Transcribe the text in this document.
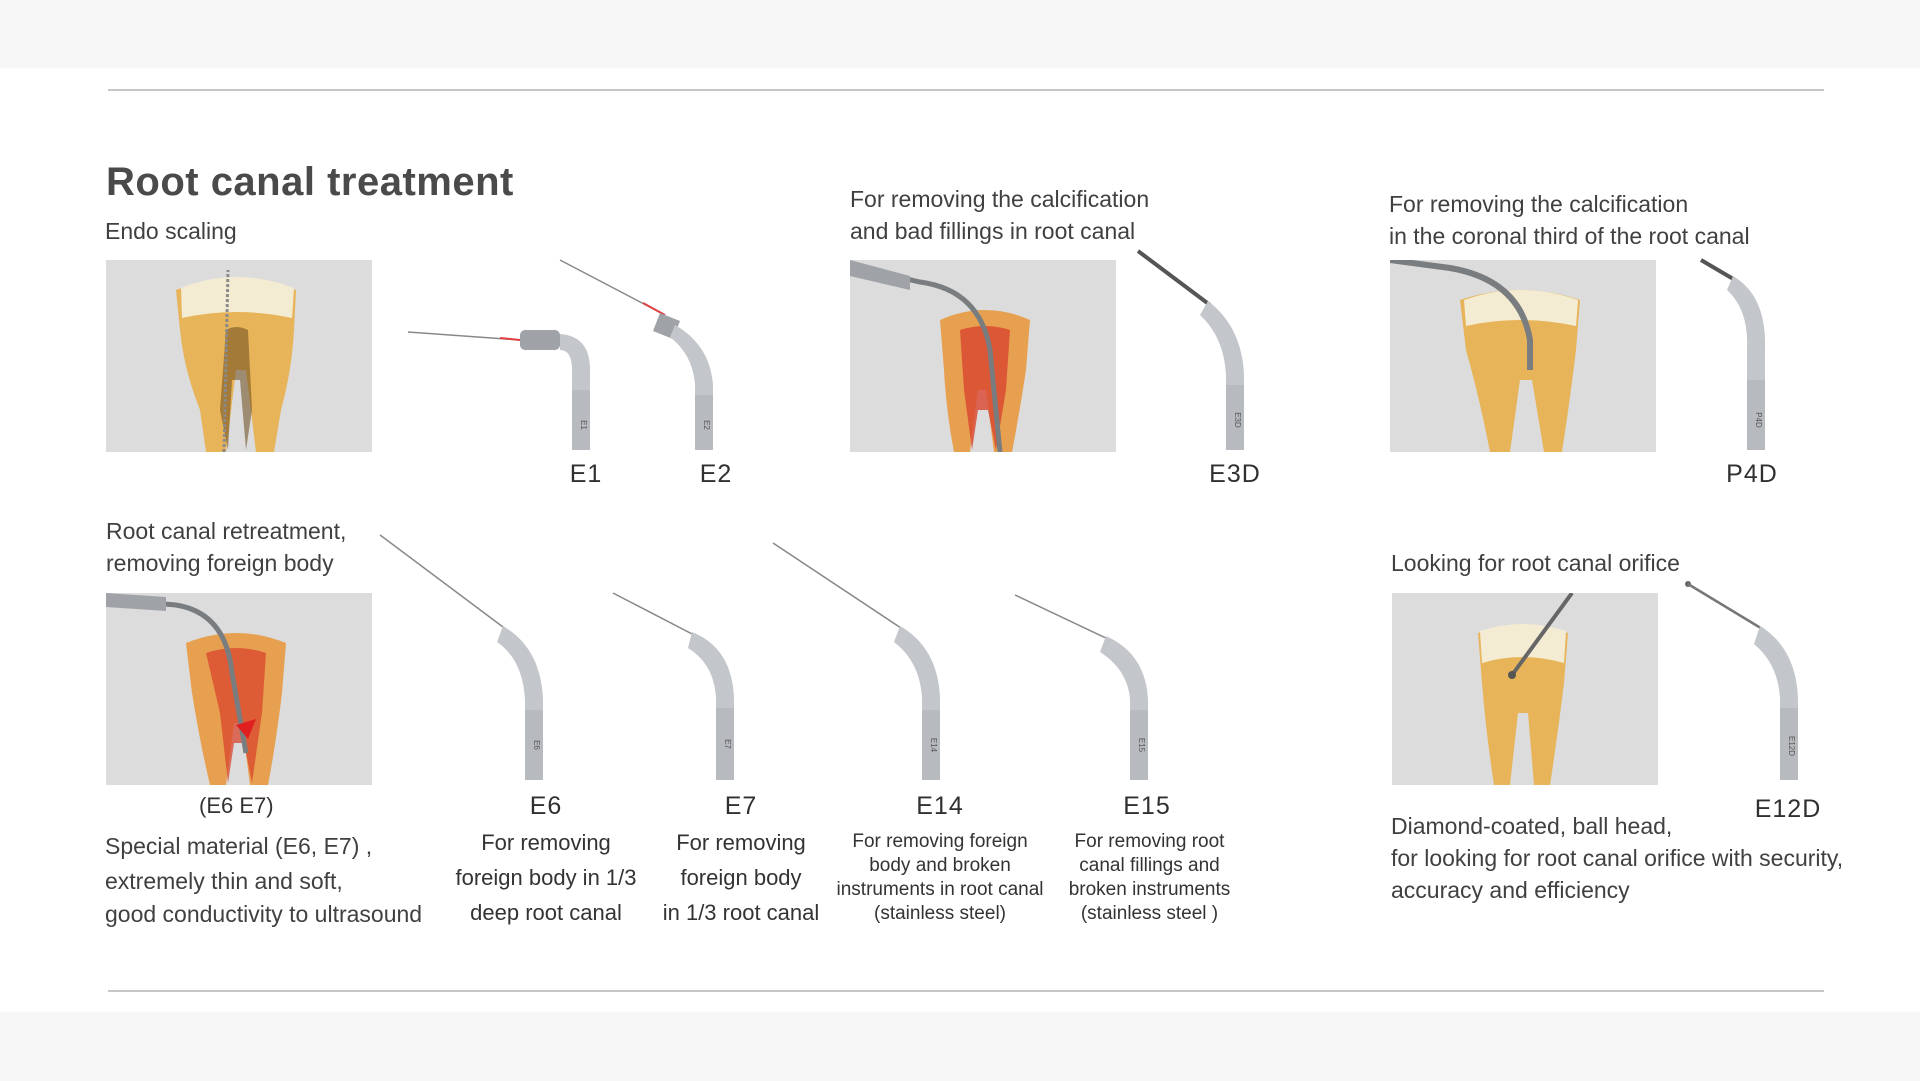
Root canal treatment
Endo scaling
E1
E1
E2
E2
For removing the calcification
and bad fillings in root canal
E3D
E3D
For removing the calcification
in the coronal third of the root canal
P4D
P4D
Root canal retreatment,
removing foreign body
(E6 E7)
Special material (E6, E7) ,
extremely thin and soft,
good conductivity to ultrasound
E6
E6
For removing
foreign body in 1/3
deep root canal
E7
E7
For removing
foreign body
in 1/3 root canal
E14
E14
For removing foreign
body and broken
instruments in root canal
(stainless steel)
E15
E15
For removing root
canal fillings and
broken instruments
(stainless steel )
Looking for root canal orifice
E12D
E12D
Diamond-coated, ball head,
for looking for root canal orifice with security,
accuracy and efficiency
